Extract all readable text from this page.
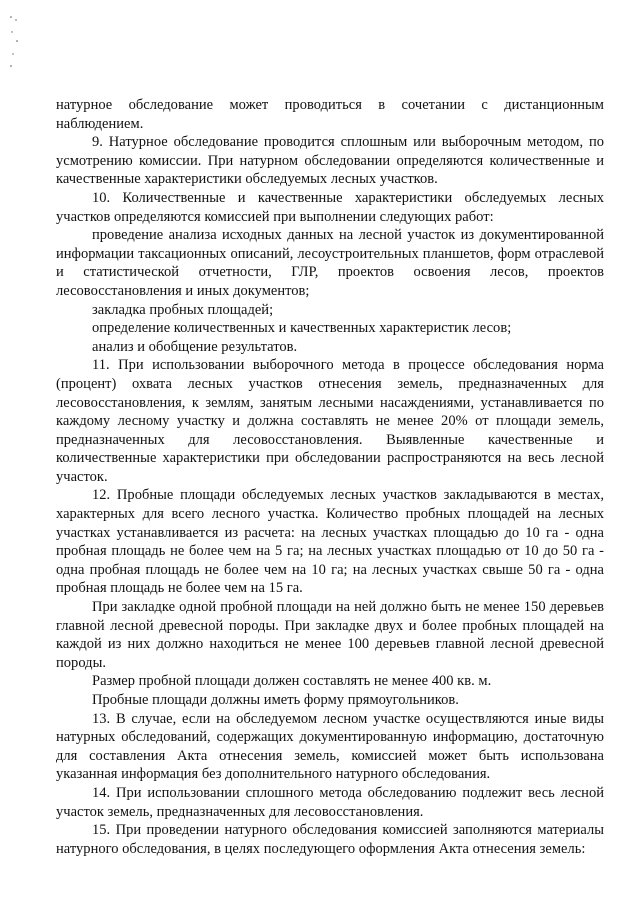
натурное обследование может проводиться в сочетании с дистанционным наблюдением.

9. Натурное обследование проводится сплошным или выборочным методом, по усмотрению комиссии. При натурном обследовании определяются количественные и качественные характеристики обследуемых лесных участков.

10. Количественные и качественные характеристики обследуемых лесных участков определяются комиссией при выполнении следующих работ:

проведение анализа исходных данных на лесной участок из документированной информации таксационных описаний, лесоустроительных планшетов, форм отраслевой и статистической отчетности, ГЛР, проектов освоения лесов, проектов лесовосстановления и иных документов;

закладка пробных площадей;

определение количественных и качественных характеристик лесов;

анализ и обобщение результатов.

11. При использовании выборочного метода в процессе обследования норма (процент) охвата лесных участков отнесения земель, предназначенных для лесовосстановления, к землям, занятым лесными насаждениями, устанавливается по каждому лесному участку и должна составлять не менее 20% от площади земель, предназначенных для лесовосстановления. Выявленные качественные и количественные характеристики при обследовании распространяются на весь лесной участок.

12. Пробные площади обследуемых лесных участков закладываются в местах, характерных для всего лесного участка. Количество пробных площадей на лесных участках устанавливается из расчета: на лесных участках площадью до 10 га - одна пробная площадь не более чем на 5 га; на лесных участках площадью от 10 до 50 га - одна пробная площадь не более чем на 10 га; на лесных участках свыше 50 га - одна пробная площадь не более чем на 15 га.

При закладке одной пробной площади на ней должно быть не менее 150 деревьев главной лесной древесной породы. При закладке двух и более пробных площадей на каждой из них должно находиться не менее 100 деревьев главной лесной древесной породы.

Размер пробной площади должен составлять не менее 400 кв. м.

Пробные площади должны иметь форму прямоугольников.

13. В случае, если на обследуемом лесном участке осуществляются иные виды натурных обследований, содержащих документированную информацию, достаточную для составления Акта отнесения земель, комиссией может быть использована указанная информация без дополнительного натурного обследования.

14. При использовании сплошного метода обследованию подлежит весь лесной участок земель, предназначенных для лесовосстановления.

15. При проведении натурного обследования комиссией заполняются материалы натурного обследования, в целях последующего оформления Акта отнесения земель:
